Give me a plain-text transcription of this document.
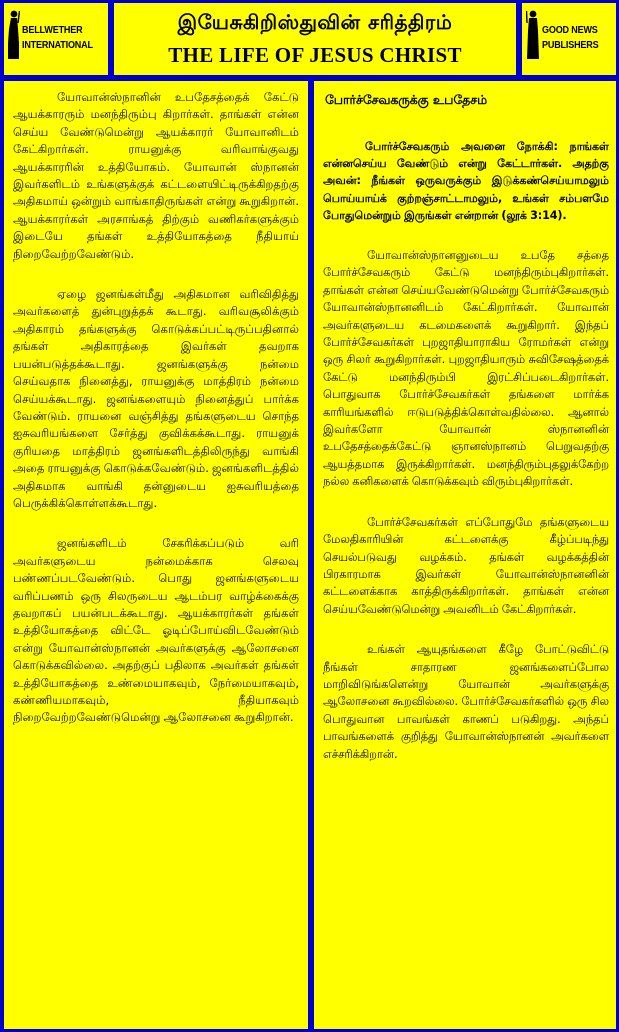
BELLWETHER
INTERNATIONAL
இயேசுகிறிஸ்துவின் சரித்திரம்
THE LIFE OF JESUS CHRIST
GOOD NEWS
PUBLISHERS

யோவான்ஸ்நானின் உபதேசத்தைக் கேட்டு ஆயக்காரரும் மனந்திரும்பு கிறார்கள். தாங்கள் என்ன செய்ய வேண்டுமென்று ஆயக்காரர் யோவானிடம் கேட்கிறார்கள். ராயனுக்கு வரிவாங்குவது ஆயக்காரரின் உத்தியோகம். யோவான் ஸ்நானன் இவர்களிடம் உங்களுக்குக் கட்டளையிட்டிருக்கிறதற்கு அதிகமாய் ஒன்றும் வாங்காதிருங்கள் என்று கூறுகிறான். ஆயக்காரர்கள் அரசாங்கத் திற்கும் வணிகர்களுக்கும் இடையே தங்கள் உத்தியோகத்தை நீதியாய் நிறைவேற்றவேண்டும்.

ஏழை ஜனங்கள்மீது அதிகமான வரிவிதித்து அவர்களைத் துன்புறுத்தக் கூடாது. வரிவசூலிக்கும் அதிகாரம் தங்களுக்கு கொடுக்கப்பட்டிருப்பதினால் தங்கள் அதிகாரத்தை இவர்கள் தவறாக பயன்படுத்தக்கூடாது. ஜனங்களுக்கு நன்மை செய்வதாக நினைத்து, ராயனுக்கு மாத்திரம் நன்மை செய்யக்கூடாது. ஜனங்களையும் நினைத்துப் பார்க்க வேண்டும். ராயனை வஞ்சித்து தங்களுடைய சொந்த ஐசுவரியங்களை சேர்த்து குவிக்கக்கூடாது. ராயனுக் குரியதை மாத்திரம் ஜனங்களிடத்திலிருந்து வாங்கி அதை ராயனுக்கு கொடுக்கவேண்டும். ஜனங்களிடத்தில் அதிகமாக வாங்கி தன்னுடைய ஐசுவரியத்தை பெருக்கிக்கொள்ளக்கூடாது.

ஜனங்களிடம் சேகரிக்கப்படும் வரி அவர்களுடைய நன்மைக்காக செலவு பண்ணப்படவேண்டும். பொது ஜனங்களுடைய வரிப்பணம் ஒரு சிலருடைய ஆடம்பர வாழ்க்கைக்கு தவறாகப் பயன்படக்கூடாது. ஆயக்காரர்கள் தங்கள் உத்தியோகத்தை விட்டே ஓடிப்போய்விடவேண்டும் என்று யோவான்ஸ்நானன் அவர்களுக்கு ஆலோசனை கொடுக்கவில்லை. அதற்குப் பதிலாக அவர்கள் தங்கள் உத்தியோகத்தை உண்மையாகவும், நேர்மையாகவும், கண்ணியமாகவும், நீதியாகவும் நிறைவேற்றவேண்டுமென்று ஆலோசனை கூறுகிறான்.

போர்ச்சேவகருக்கு உபதேசம்

போர்ச்சேவகரும் அவனை நோக்கி: நாங்கள் என்னசெய்ய வேண்டும் என்று கேட்டார்கள். அதற்கு அவன்: நீங்கள் ஒருவருக்கும் இடுக்கண்செய்யாமலும் பொய்யாய்க் குற்றஞ்சாட்டாமலும், உங்கள் சம்பளமே போதுமென்றும் இருங்கள் என்றான் (லூக் 3:14).

யோவான்ஸ்நானனுடைய உபதே சத்தை போர்ச்சேவகரும் கேட்டு மனந்திரும்புகிறார்கள். தாங்கள் என்ன செய்யவேண்டுமென்று போர்ச்சேவகரும் யோவான்ஸ்நானனிடம் கேட்கிறார்கள். யோவான் அவர்களுடைய கடமைகளைக் கூறுகிறார். இந்தப் போர்ச்சேவகர்கள் புறஜாதியாராகிய ரோமர்கள் என்று ஒரு சிலர் கூறுகிறார்கள். புறஜாதியாரும் சுவிசேஷத்தைக் கேட்டு மனந்திரும்பி இரட்சிப்படைகிறார்கள். பொதுவாக போர்ச்சேவகர்கள் தங்களை மார்க்க காரியங்களில் ஈடுபடுத்திக்கொள்வதில்லை. ஆனால் இவர்களோ யோவான் ஸ்நானனின் உபதேசத்தைக்கேட்டு ஞானஸ்நானம் பெறுவதற்கு ஆயத்தமாக இருக்கிறார்கள். மனந்திரும்புதலுக்கேற்ற நல்ல கனிகளைக் கொடுக்கவும் விரும்புகிறார்கள்.

போர்ச்சேவகர்கள் எப்போதுமே தங்களுடைய மேலதிகாரியின் கட்டளைக்கு கீழ்ப்படிந்து செயல்படுவது வழக்கம். தங்கள் வழக்கத்தின் பிரகாரமாக இவர்கள் யோவான்ஸ்நானனின் கட்டளைக்காக காத்திருக்கிறார்கள். தாங்கள் என்ன செய்யவேண்டுமென்று அவனிடம் கேட்கிறார்கள்.

உங்கள் ஆயுதங்களை கீழே போட்டுவிட்டு நீங்கள் சாதாரண ஜனங்களைப்போல மாறிவிடுங்களென்று யோவான் அவர்களுக்கு ஆலோசனை கூறவில்லை. போர்ச்சேவகர்களில் ஒரு சில பொதுவான பாவங்கள் காணப் படுகிறது. அந்தப் பாவங்களைக் குறித்து யோவான்ஸ்நானன் அவர்களை எச்சரிக்கிறான்.
